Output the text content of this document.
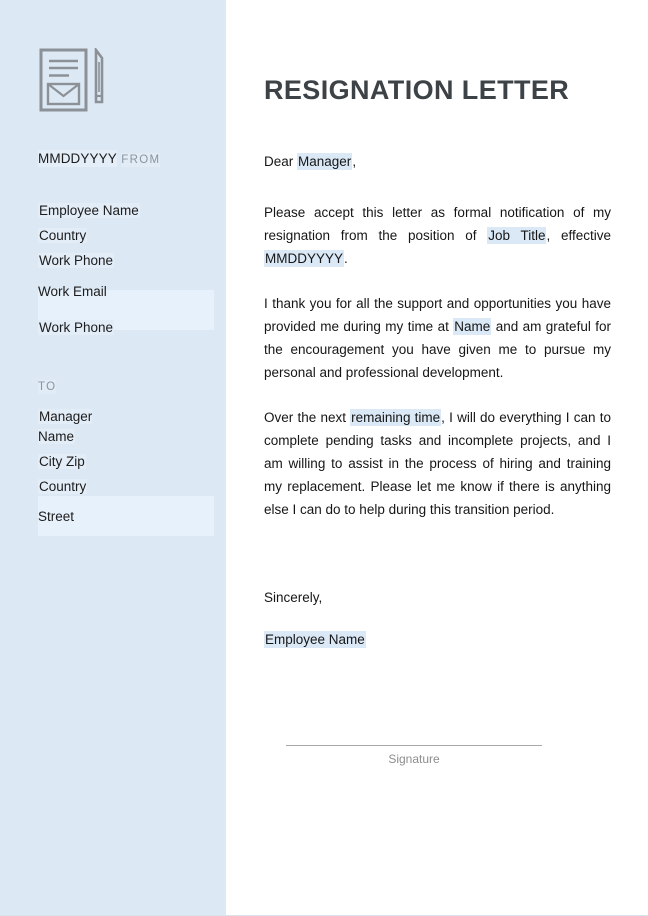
MMDDYYYY FROM
Employee Name
Country
Work Phone
Work Email
Work Phone
TO
Manager Name
City Zip
Country
Street
RESIGNATION LETTER

Dear Manager,

Please accept this letter as formal notification of my resignation from the position of Job Title, effective MMDDYYYY.

I thank you for all the support and opportunities you have provided me during my time at Name and am grateful for the encouragement you have given me to pursue my personal and professional development.

Over the next remaining time, I will do everything I can to complete pending tasks and incomplete projects, and I am willing to assist in the process of hiring and training my replacement. Please let me know if there is anything else I can do to help during this transition period.

Sincerely,

Employee Name

Signature
